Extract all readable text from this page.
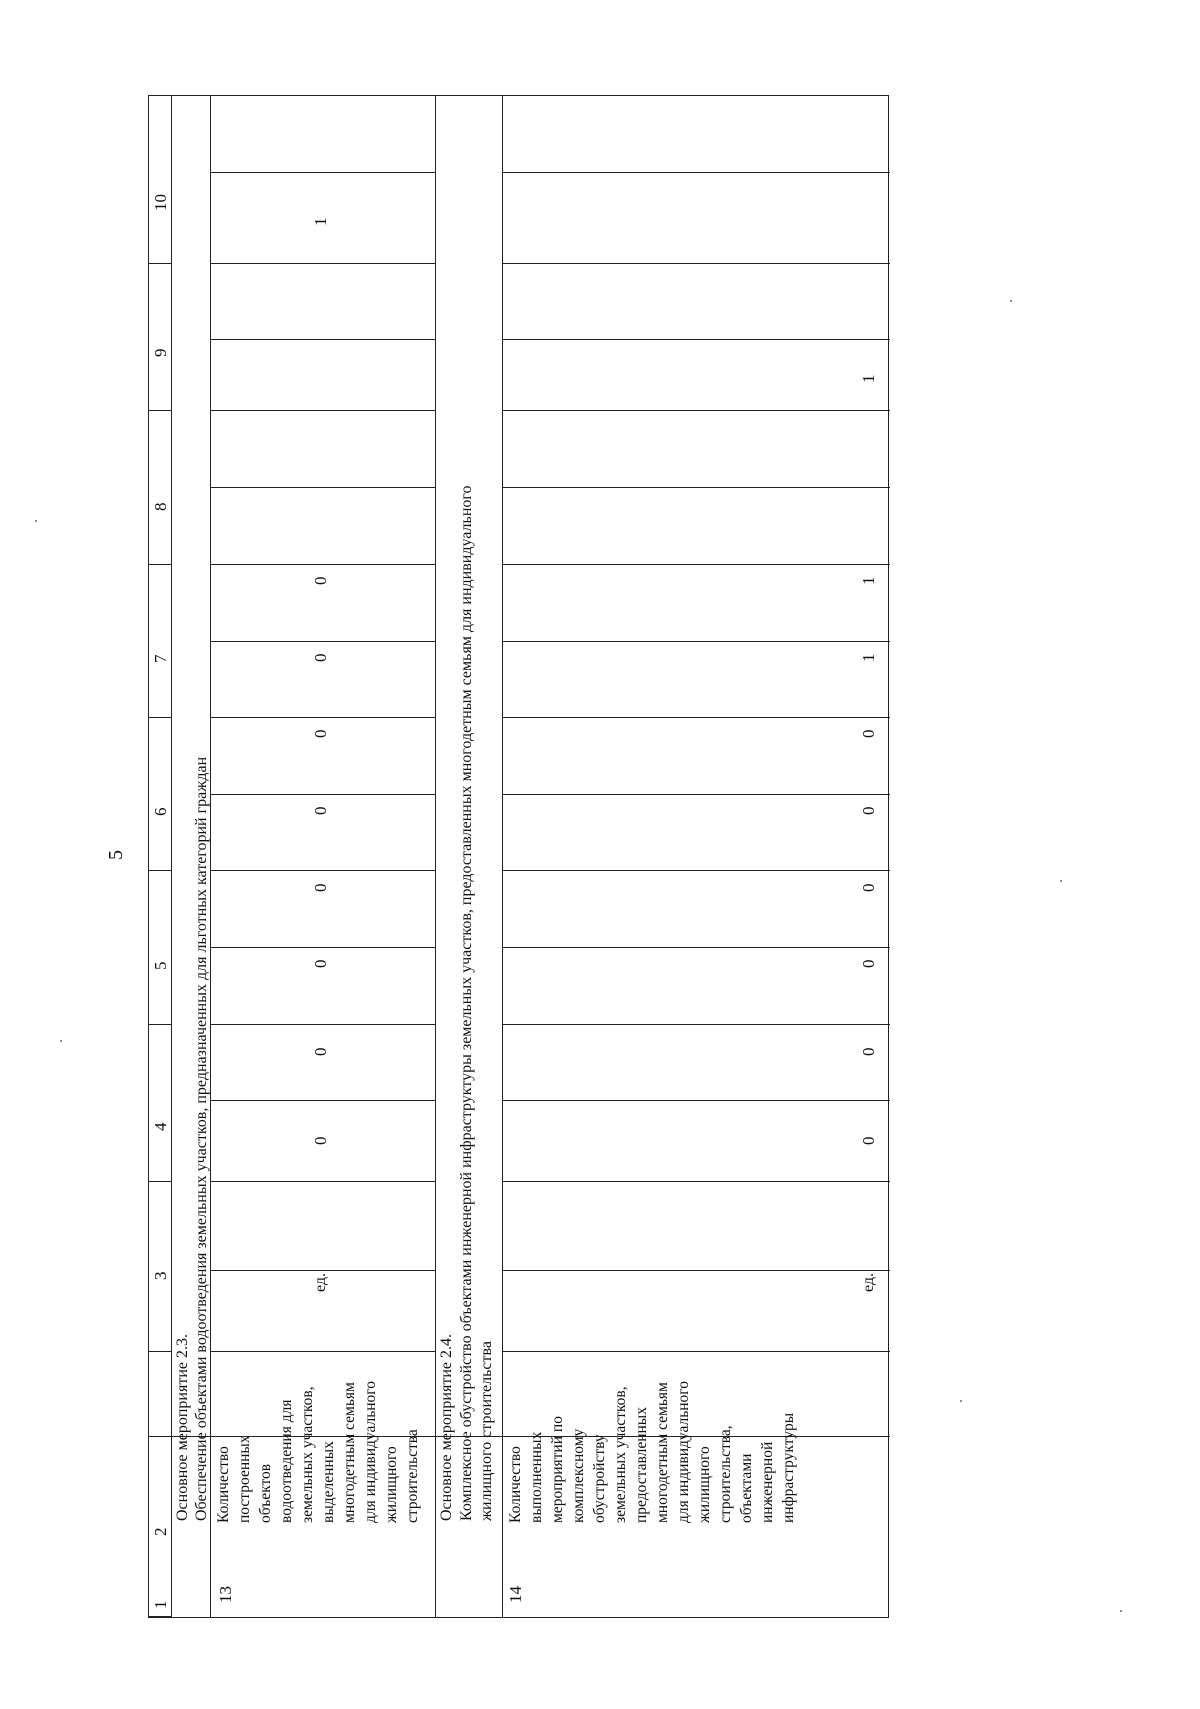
5
1
2
3
4
5
6
7
8
9
10
Основное мероприятие 2.3. Обеспечение объектами водоотведения земельных участков, предназначенных для льготных категорий граждан
13
Количество построенных объектов водоотведения для земельных участков, выделенных многодетным семьям для индивидуального жилищного строительства
ед.
0
0
0
0
0
0
0
0
1
Основное мероприятие 2.4. Комплексное обустройство объектами инженерной инфраструктуры земельных участков, предоставленных многодетным семьям для индивидуального жилищного строительства
14
Количество выполненных мероприятий по комплексному обустройству земельных участков, предоставленных многодетным семьям для индивидуального жилищного строительства, объектами инженерной инфраструктуры
ед.
0
0
0
0
0
0
1
1
1
